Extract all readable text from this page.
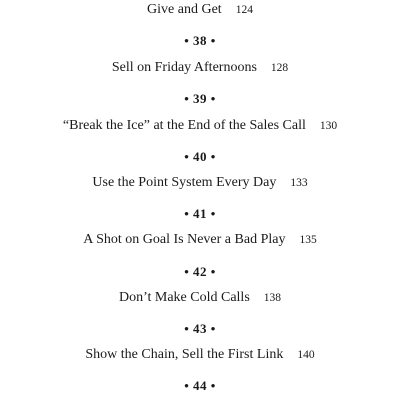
Give and Get 124
• 38 •
Sell on Friday Afternoons 128
• 39 •
“Break the Ice” at the End of the Sales Call 130
• 40 •
Use the Point System Every Day 133
• 41 •
A Shot on Goal Is Never a Bad Play 135
• 42 •
Don’t Make Cold Calls 138
• 43 •
Show the Chain, Sell the First Link 140
• 44 •
